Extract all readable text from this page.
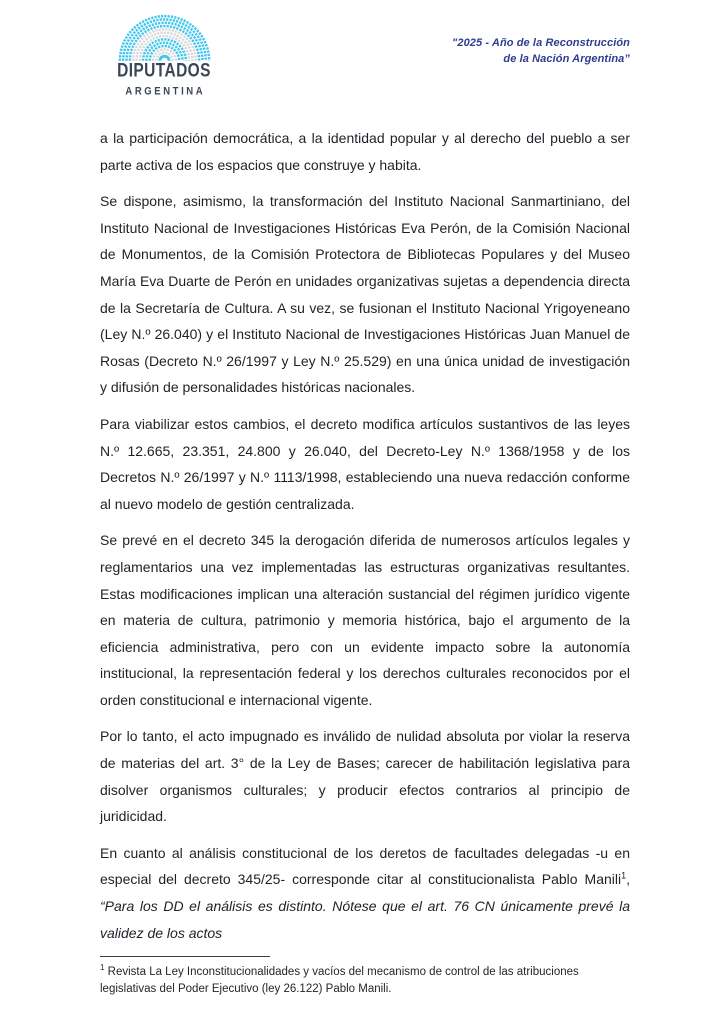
DIPUTADOS
ARGENTINA
"2025 - Año de la Reconstrucción
de la Nación Argentina”

a la participación democrática, a la identidad popular y al derecho del pueblo a ser parte activa de los espacios que construye y habita.

Se dispone, asimismo, la transformación del Instituto Nacional Sanmartiniano, del Instituto Nacional de Investigaciones Históricas Eva Perón, de la Comisión Nacional de Monumentos, de la Comisión Protectora de Bibliotecas Populares y del Museo María Eva Duarte de Perón en unidades organizativas sujetas a dependencia directa de la Secretaría de Cultura. A su vez, se fusionan el Instituto Nacional Yrigoyeneano (Ley N.º 26.040) y el Instituto Nacional de Investigaciones Históricas Juan Manuel de Rosas (Decreto N.º 26/1997 y Ley N.º 25.529) en una única unidad de investigación y difusión de personalidades históricas nacionales.

Para viabilizar estos cambios, el decreto modifica artículos sustantivos de las leyes N.º 12.665, 23.351, 24.800 y 26.040, del Decreto-Ley N.º 1368/1958 y de los Decretos N.º 26/1997 y N.º 1113/1998, estableciendo una nueva redacción conforme al nuevo modelo de gestión centralizada.

Se prevé en el decreto 345 la derogación diferida de numerosos artículos legales y reglamentarios una vez implementadas las estructuras organizativas resultantes. Estas modificaciones implican una alteración sustancial del régimen jurídico vigente en materia de cultura, patrimonio y memoria histórica, bajo el argumento de la eficiencia administrativa, pero con un evidente impacto sobre la autonomía institucional, la representación federal y los derechos culturales reconocidos por el orden constitucional e internacional vigente.

Por lo tanto, el acto impugnado es inválido de nulidad absoluta por violar la reserva de materias del art. 3° de la Ley de Bases; carecer de habilitación legislativa para disolver organismos culturales; y producir efectos contrarios al principio de juridicidad.

En cuanto al análisis constitucional de los deretos de facultades delegadas -u en especial del decreto 345/25- corresponde citar al constitucionalista Pablo Manili$^1$, “Para los DD el análisis es distinto. Nótese que el art. 76 CN únicamente prevé la validez de los actos

$^1$ Revista La Ley Inconstitucionalidades y vacíos del mecanismo de control de las atribuciones legislativas del Poder Ejecutivo (ley 26.122) Pablo Manili.
